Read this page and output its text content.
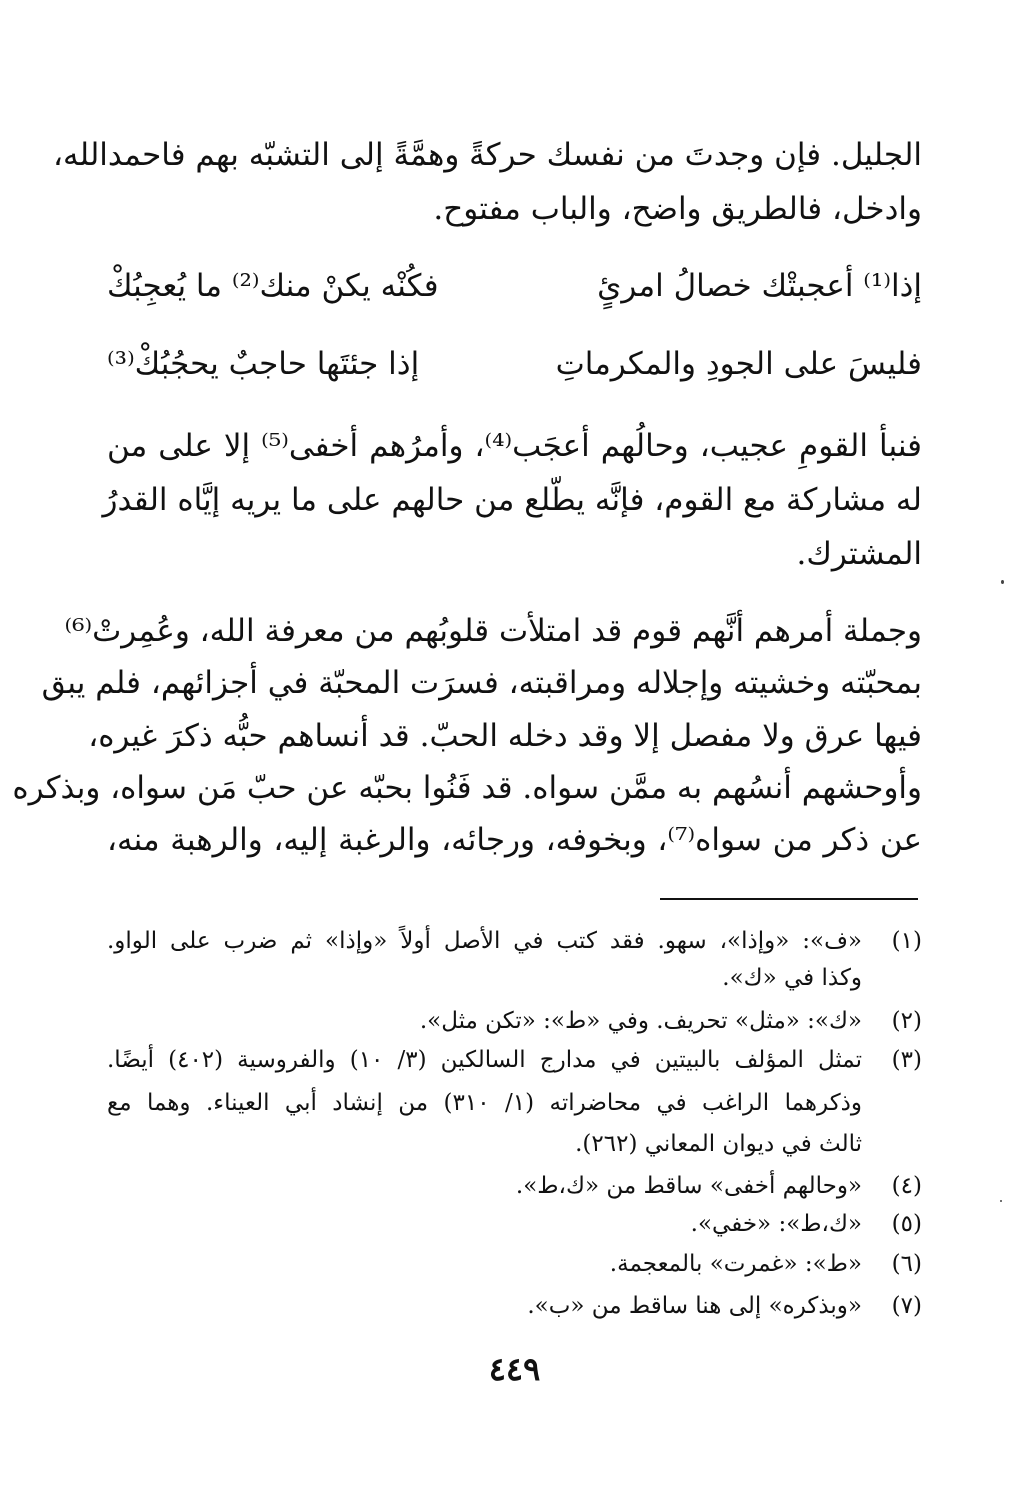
الجليل. فإن وجدتَ من نفسك حركةً وهمَّةً إلى التشبّه بهم فاحمدالله،
وادخل، فالطريق واضح، والباب مفتوح.
إذا⁽¹⁾ أعجبتْك خصالُ امرئٍ
فكُنْه يكنْ منك⁽²⁾ ما يُعجِبُكْ
فليسَ على الجودِ والمكرماتِ
إذا جئتَها حاجبٌ يحجُبُكْ⁽³⁾
فنبأ القومِ عجيب، وحالُهم أعجَب⁽⁴⁾، وأمرُهم أخفى⁽⁵⁾ إلا على من
له مشاركة مع القوم، فإنَّه يطّلع من حالهم على ما يريه إيَّاه القدرُ
المشترك.
وجملة أمرهم أنَّهم قوم قد امتلأت قلوبُهم من معرفة الله، وعُمِرتْ⁽⁶⁾
بمحبّته وخشيته وإجلاله ومراقبته، فسرَت المحبّة في أجزائهم، فلم يبق
فيها عرق ولا مفصل إلا وقد دخله الحبّ. قد أنساهم حبُّه ذكرَ غيره،
وأوحشهم أنسُهم به ممَّن سواه. قد فَنُوا بحبّه عن حبّ مَن سواه، وبذكره
عن ذكر من سواه⁽⁷⁾، وبخوفه، ورجائه، والرغبة إليه، والرهبة منه،
(١)
«ف»: «وإذا»، سهو. فقد كتب في الأصل أولاً «وإذا» ثم ضرب على الواو.
وكذا في «ك».
(٢)
«ك»: «مثل» تحريف. وفي «ط»: «تكن مثل».
(٣)
تمثل المؤلف بالبيتين في مدارج السالكين (٣/ ١٠) والفروسية (٤٠٢) أيضًا.
وذكرهما الراغب في محاضراته (١/ ٣١٠) من إنشاد أبي العيناء. وهما مع
ثالث في ديوان المعاني (٢٦٢).
(٤)
«وحالهم أخفى» ساقط من «ك،ط».
(٥)
«ك،ط»: «خفي».
(٦)
«ط»: «غمرت» بالمعجمة.
(٧)
«وبذكره» إلى هنا ساقط من «ب».
٤٤٩
